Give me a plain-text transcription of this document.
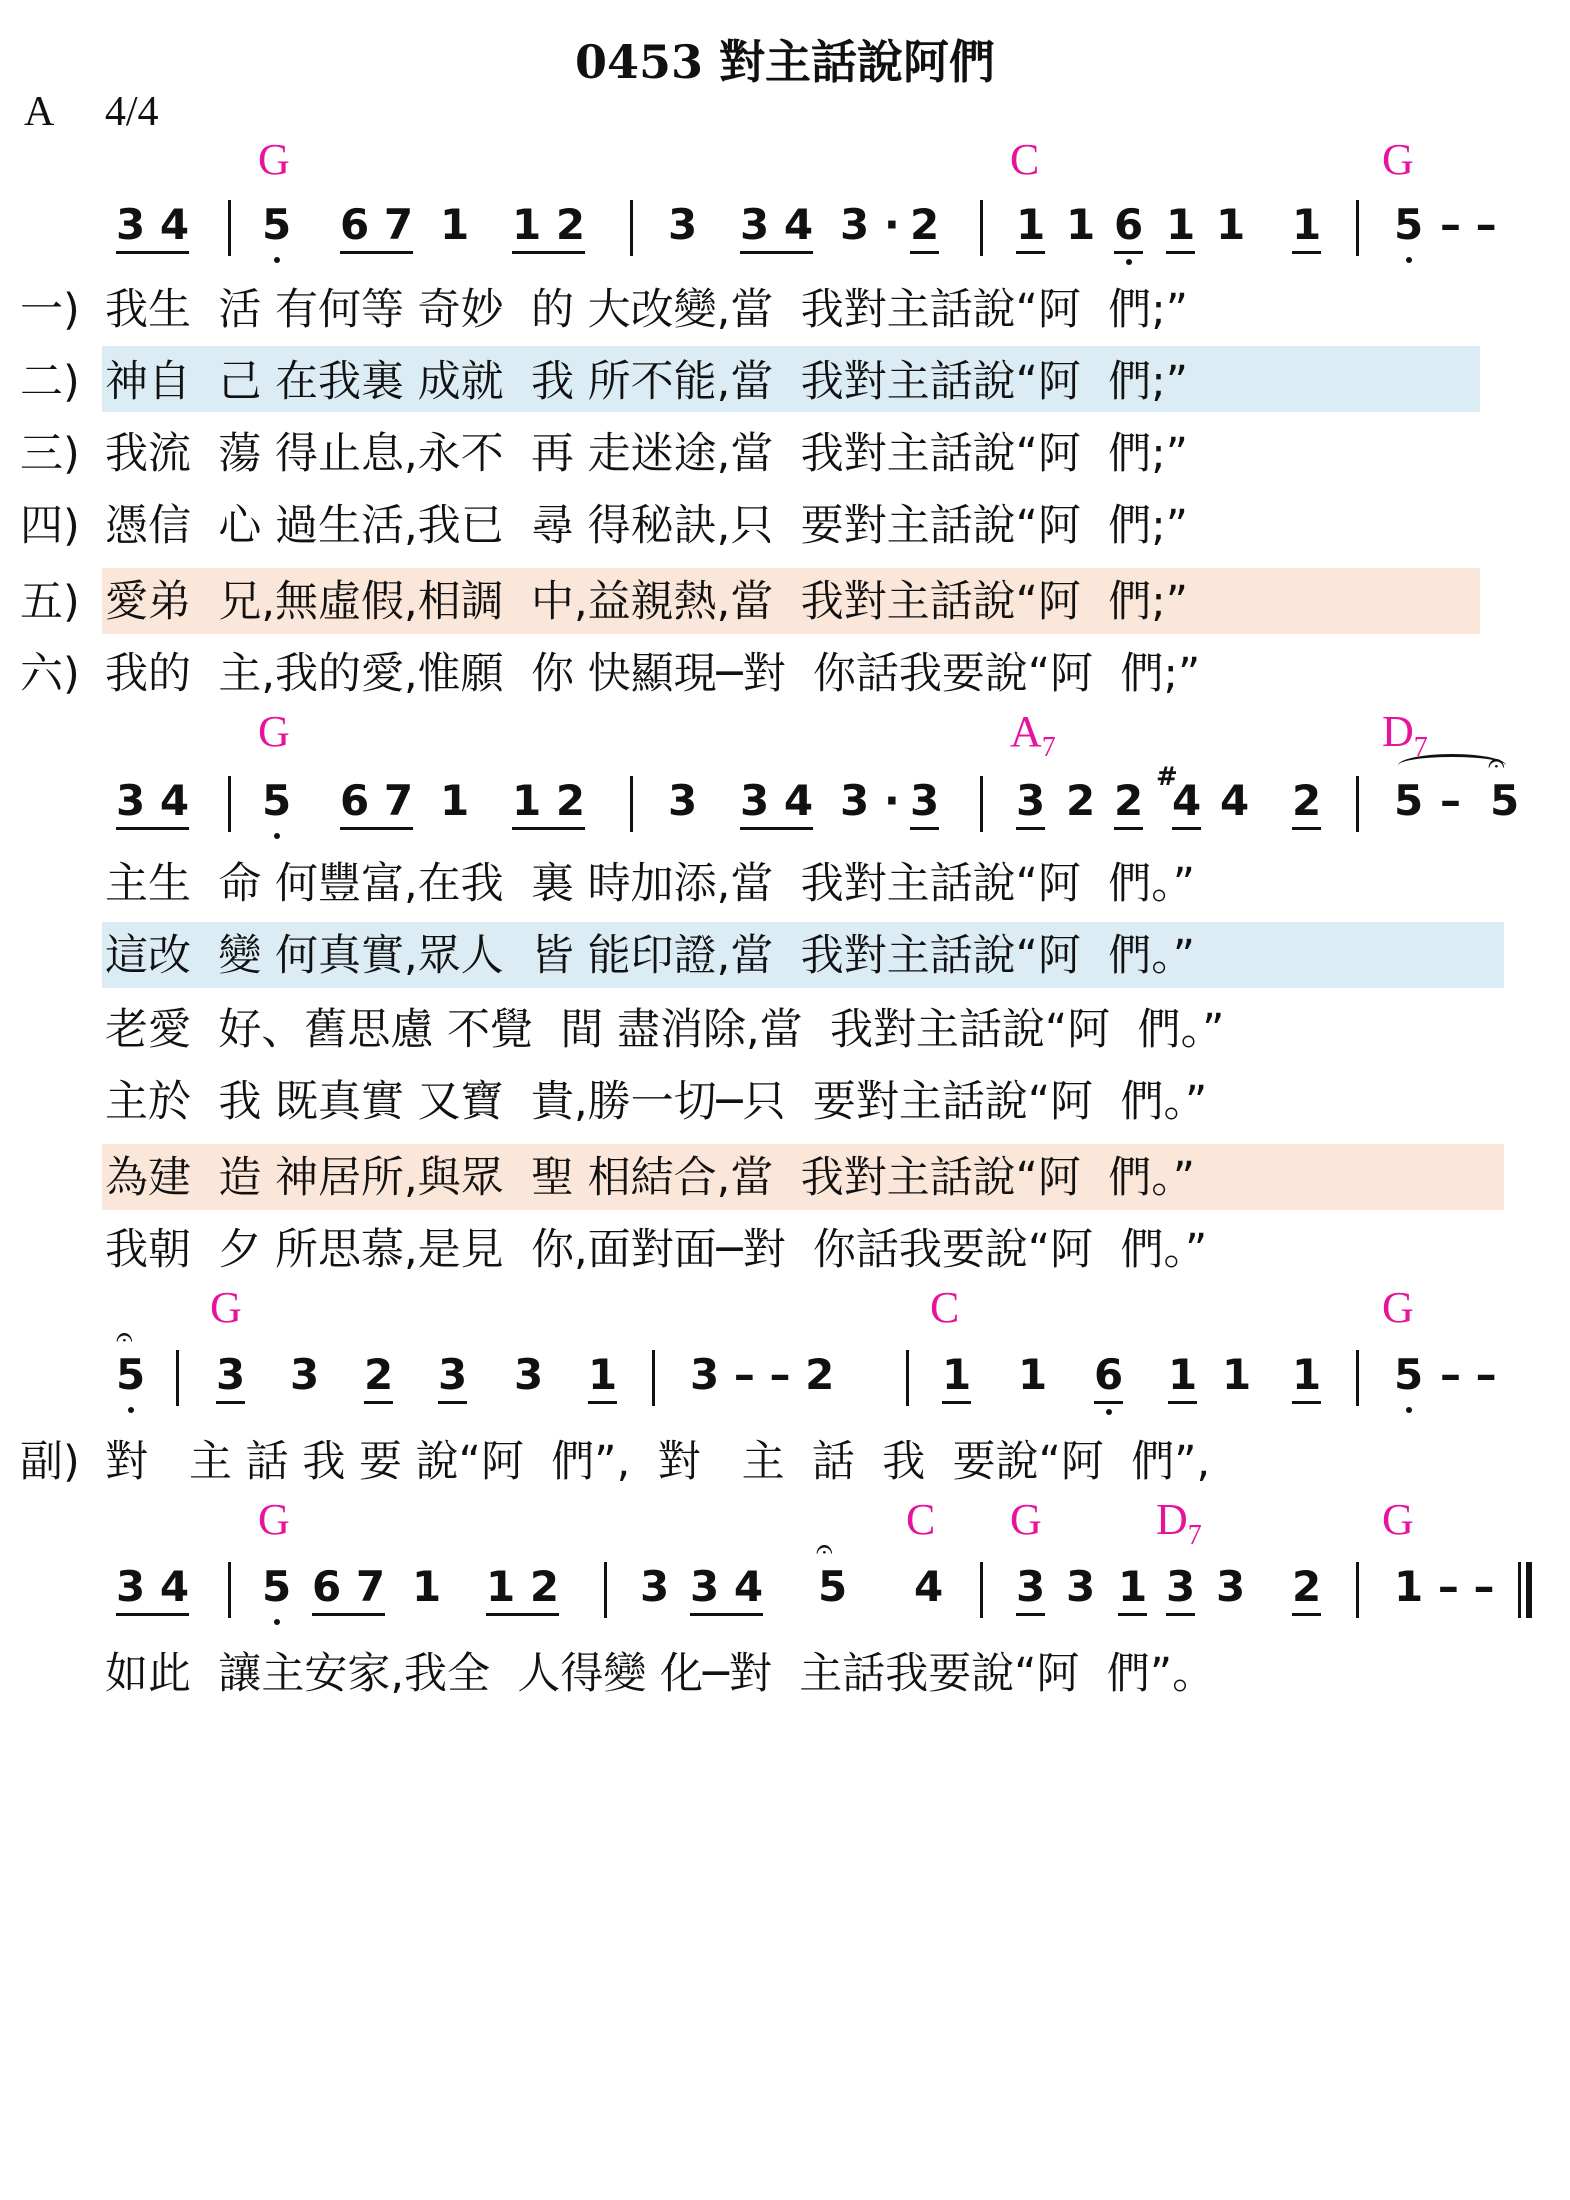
0453 對主話說阿們
A 4/4
G	C	G
3 4 5 6 7 1 1 2 3 3 4 3 · 2 1 1 6 1 1 1 5 – –
一) 我生  活 有何等 奇妙  的 大改變,當  我對主話說“阿  們;”
二) 神自  己 在我裏 成就  我 所不能,當  我對主話說“阿  們;”
三) 我流  蕩 得止息,永不  再 走迷途,當  我對主話說“阿  們;”
四) 憑信  心 過生活,我已  尋 得秘訣,只  要對主話說“阿  們;”
五) 愛弟  兄,無虛假,相調  中,益親熱,當  我對主話說“阿  們;”
六) 我的  主,我的愛,惟願  你 快顯現─對  你話我要說“阿  們;”
G	$A_7$	$D_7$
3 4 5 6 7 1 1 2 3 3 4 3 · 3 3 2 2 #
4 4 2 5 – 5
𝄐
主生  命 何豐富,在我  裏 時加添,當  我對主話說“阿  們。”
這改  變 何真實,眾人  皆 能印證,當  我對主話說“阿  們。”
老愛  好、舊思慮 不覺  間 盡消除,當  我對主話說“阿  們。”
主於  我 既真實 又寶  貴,勝一切─只  要對主話說“阿  們。”
為建  造 神居所,與眾  聖 相結合,當  我對主話說“阿  們。”
我朝  夕 所思慕,是見  你,面對面─對  你話我要說“阿  們。”
G	C	G
𝄐
5 3 3 2 3 3 1 3 – – 2	1 1 6 1 1 1 5 – –
副) 對   主 話 我 要 說“阿  們”,  對   主  話  我  要說“阿  們”,
G	C G	$D_7$	G
3 4 5 6 7 1 1 2 3 3 4
𝄐
5 4 3 3 1 3 3 2 1 – –
如此  讓主安家,我全  人得變 化─對  主話我要說“阿  們”。
